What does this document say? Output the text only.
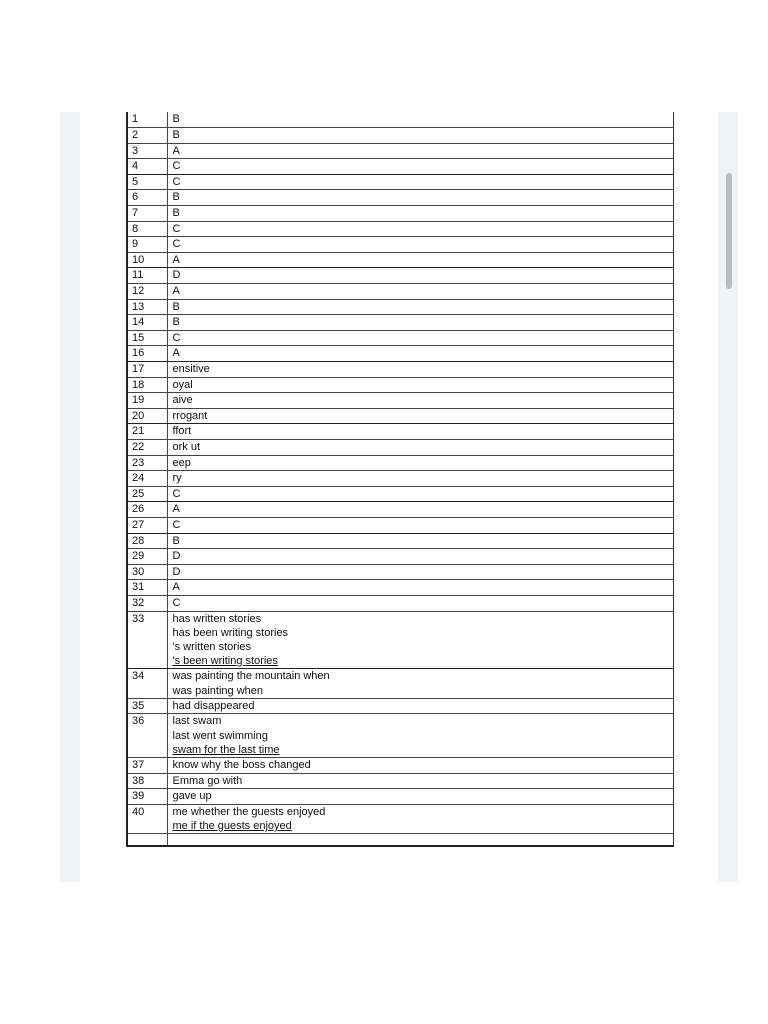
1	B

2	B

3	A

4	C

5	C

6	B

7	B

8	C

9	C

10	A

11	D

12	A

13	B

14	B

15	C

16	A

17	ensitive

18	oyal

19	aive

20	rrogant

21	ffort

22	ork ut

23	eep

24	ry

25	C

26	A

27	C

28	B

29	D

30	D

31	A

32	C

33	has written stories
has been writing stories
's written stories
's been writing stories

34	was painting the mountain when
was painting when

35	had disappeared

36	last swam
last went swimming
swam for the last time

37	know why the boss changed

38	Emma go with

39	gave up

40	me whether the guests enjoyed
me if the guests enjoyed
